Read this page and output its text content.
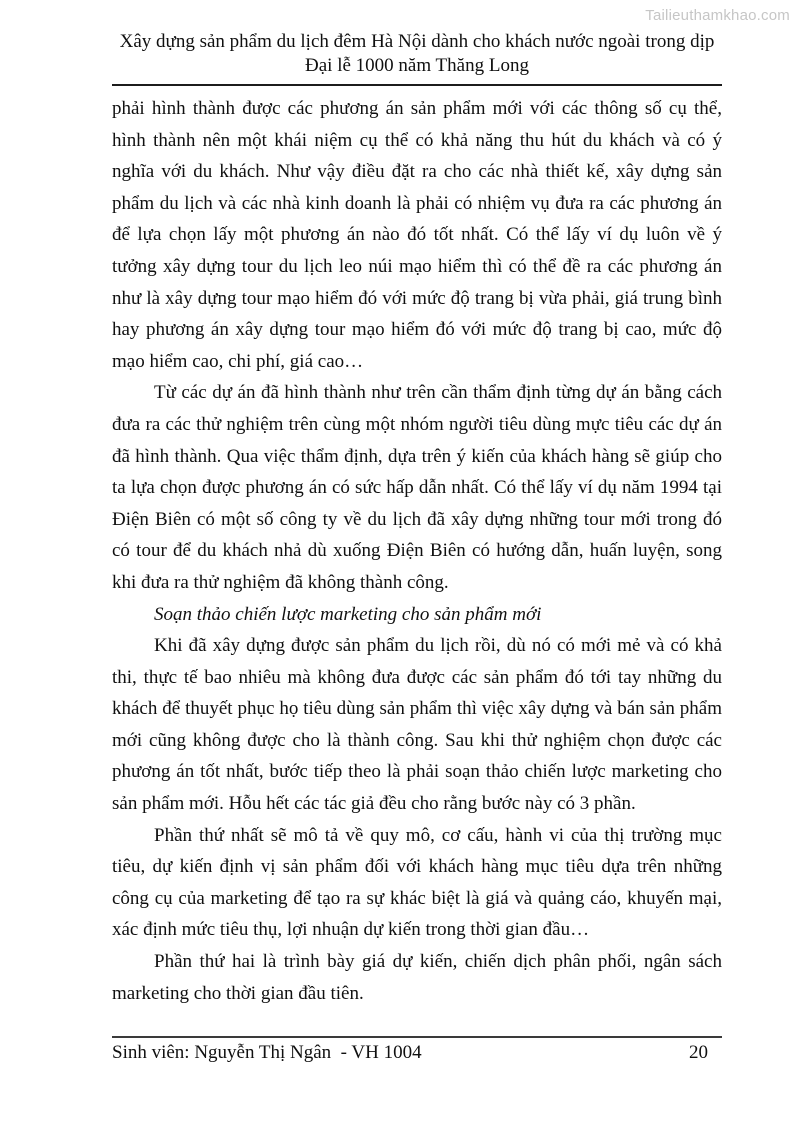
Tailieuthamkhao.com
Xây dựng sản phẩm du lịch đêm Hà Nội dành cho khách nước ngoài trong dịp
Đại lễ 1000 năm Thăng Long

phải hình thành được các phương án sản phẩm mới với các thông số cụ thể, hình thành nên một khái niệm cụ thể có khả năng thu hút du khách và có ý nghĩa với du khách. Như vậy điều đặt ra cho các nhà thiết kế, xây dựng sản phẩm du lịch và các nhà kinh doanh là phải có nhiệm vụ đưa ra các phương án để lựa chọn lấy một phương án nào đó tốt nhất. Có thể lấy ví dụ luôn về ý tưởng xây dựng tour du lịch leo núi mạo hiểm thì có thể đề ra các phương án như là xây dựng tour mạo hiểm đó với mức độ trang bị vừa phải, giá trung bình hay phương án xây dựng tour mạo hiểm đó với mức độ trang bị cao, mức độ mạo hiểm cao, chi phí, giá cao…

Từ các dự án đã hình thành như trên cần thẩm định từng dự án bằng cách đưa ra các thử nghiệm trên cùng một nhóm người tiêu dùng mực tiêu các dự án đã hình thành. Qua việc thẩm định, dựa trên ý kiến của khách hàng sẽ giúp cho ta lựa chọn được phương án có sức hấp dẫn nhất. Có thể lấy ví dụ năm 1994 tại Điện Biên có một số công ty về du lịch đã xây dựng những tour mới trong đó có tour để du khách nhả dù xuống Điện Biên có hướng dẫn, huấn luyện, song khi đưa ra thử nghiệm đã không thành công.

Soạn thảo chiến lược marketing cho sản phẩm mới

Khi đã xây dựng được sản phẩm du lịch rồi, dù nó có mới mẻ và có khả thi, thực tế bao nhiêu mà không đưa được các sản phẩm đó tới tay những du khách để thuyết phục họ tiêu dùng sản phẩm thì việc xây dựng và bán sản phẩm mới cũng không được cho là thành công. Sau khi thử nghiệm chọn được các phương án tốt nhất, bước tiếp theo là phải soạn thảo chiến lược marketing cho sản phẩm mới. Hỗu hết các tác giả đều cho rằng bước này có 3 phần.

Phần thứ nhất sẽ mô tả về quy mô, cơ cấu, hành vi của thị trường mục tiêu, dự kiến định vị sản phẩm đối với khách hàng mục tiêu dựa trên những công cụ của marketing để tạo ra sự khác biệt là giá và quảng cáo, khuyến mại, xác định mức tiêu thụ, lợi nhuận dự kiến trong thời gian đầu…

Phần thứ hai là trình bày giá dự kiến, chiến dịch phân phối, ngân sách marketing cho thời gian đầu tiên.

Sinh viên: Nguyễn Thị Ngân  - VH 1004	20
